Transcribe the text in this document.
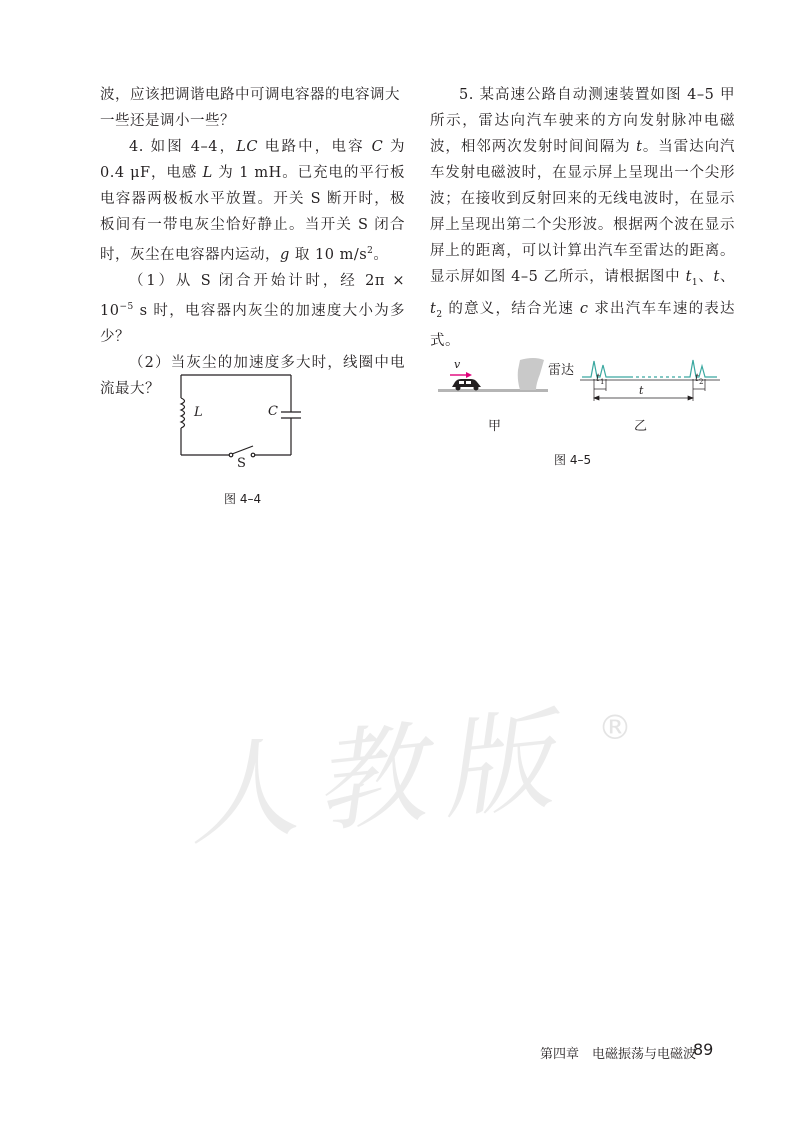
人教版 ®

波，应该把调谐电路中可调电容器的电容调大

一些还是调小一些？

4. 如图 4–4，LC 电路中，电容 C 为 0.4 μF，电感 L 为 1 mH。已充电的平行板电容器两极板水平放置。开关 S 断开时，极板间有一带电灰尘恰好静止。当开关 S 闭合时，灰尘在电容器内运动，g 取 10 $m/s^2$。

（1）从 S 闭合开始计时，经 $2\pi \times 10^{-5}$ s 时，电容器内灰尘的加速度大小为多少？

（2）当灰尘的加速度多大时，线圈中电流最大？

L	C
S
图 4–4

5. 某高速公路自动测速装置如图 4–5 甲所示，雷达向汽车驶来的方向发射脉冲电磁波，相邻两次发射时间间隔为 t。当雷达向汽车发射电磁波时，在显示屏上呈现出一个尖形波；在接收到反射回来的无线电波时，在显示屏上呈现出第二个尖形波。根据两个波在显示屏上的距离，可以计算出汽车至雷达的距离。显示屏如图 4–5 乙所示，请根据图中 $t_1$、t、$t_2$ 的意义，结合光速 c 求出汽车车速的表达式。

v	雷达
$t_1$
t
$t_2$
甲	乙
图 4–5
第四章　电磁振荡与电磁波
89
